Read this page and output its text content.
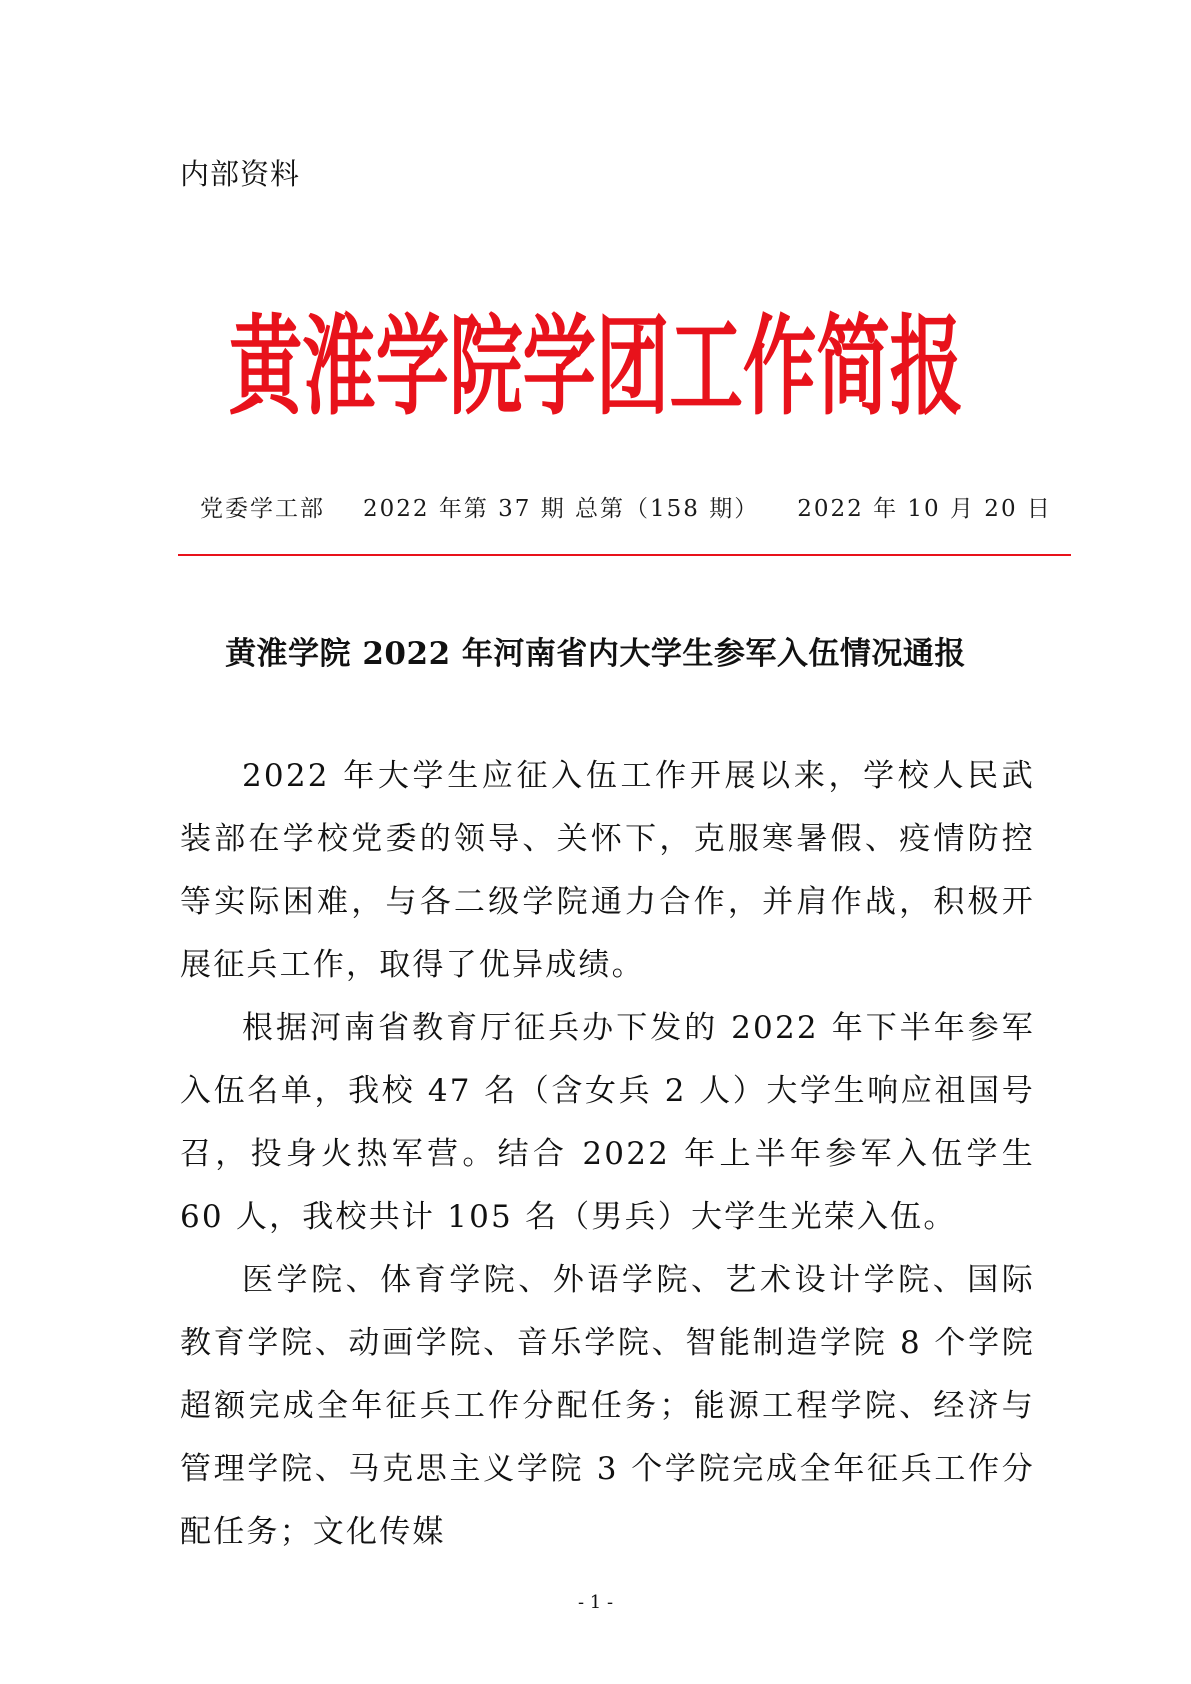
内部资料
黄淮学院学团工作简报
党委学工部 2022 年第 37 期 总第（158 期） 2022 年 10 月 20 日
黄淮学院 2022 年河南省内大学生参军入伍情况通报

2022 年大学生应征入伍工作开展以来，学校人民武装部在学校党委的领导、关怀下，克服寒暑假、疫情防控等实际困难，与各二级学院通力合作，并肩作战，积极开展征兵工作，取得了优异成绩。

根据河南省教育厅征兵办下发的 2022 年下半年参军入伍名单，我校 47 名（含女兵 2 人）大学生响应祖国号召，投身火热军营。结合 2022 年上半年参军入伍学生 60 人，我校共计 105 名（男兵）大学生光荣入伍。

医学院、体育学院、外语学院、艺术设计学院、国际教育学院、动画学院、音乐学院、智能制造学院 8 个学院超额完成全年征兵工作分配任务；能源工程学院、经济与管理学院、马克思主义学院 3 个学院完成全年征兵工作分配任务；文化传媒

- 1 -
